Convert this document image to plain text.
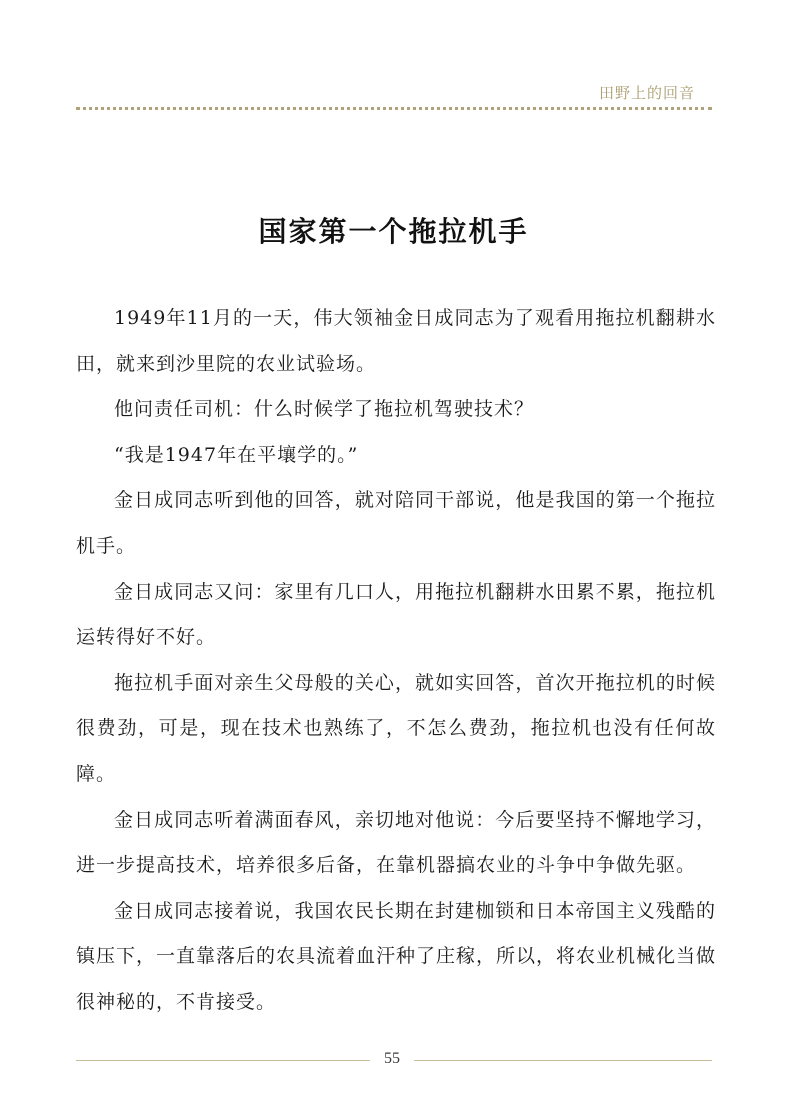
田野上的回音
国家第一个拖拉机手

1949年11月的一天，伟大领袖金日成同志为了观看用拖拉机翻耕水田，就来到沙里院的农业试验场。

他问责任司机：什么时候学了拖拉机驾驶技术？

“我是1947年在平壤学的。”

金日成同志听到他的回答，就对陪同干部说，他是我国的第一个拖拉机手。

金日成同志又问：家里有几口人，用拖拉机翻耕水田累不累，拖拉机运转得好不好。

拖拉机手面对亲生父母般的关心，就如实回答，首次开拖拉机的时候很费劲，可是，现在技术也熟练了，不怎么费劲，拖拉机也没有任何故障。

金日成同志听着满面春风，亲切地对他说：今后要坚持不懈地学习，进一步提高技术，培养很多后备，在靠机器搞农业的斗争中争做先驱。

金日成同志接着说，我国农民长期在封建枷锁和日本帝国主义残酷的镇压下，一直靠落后的农具流着血汗种了庄稼，所以，将农业机械化当做很神秘的，不肯接受。

55
